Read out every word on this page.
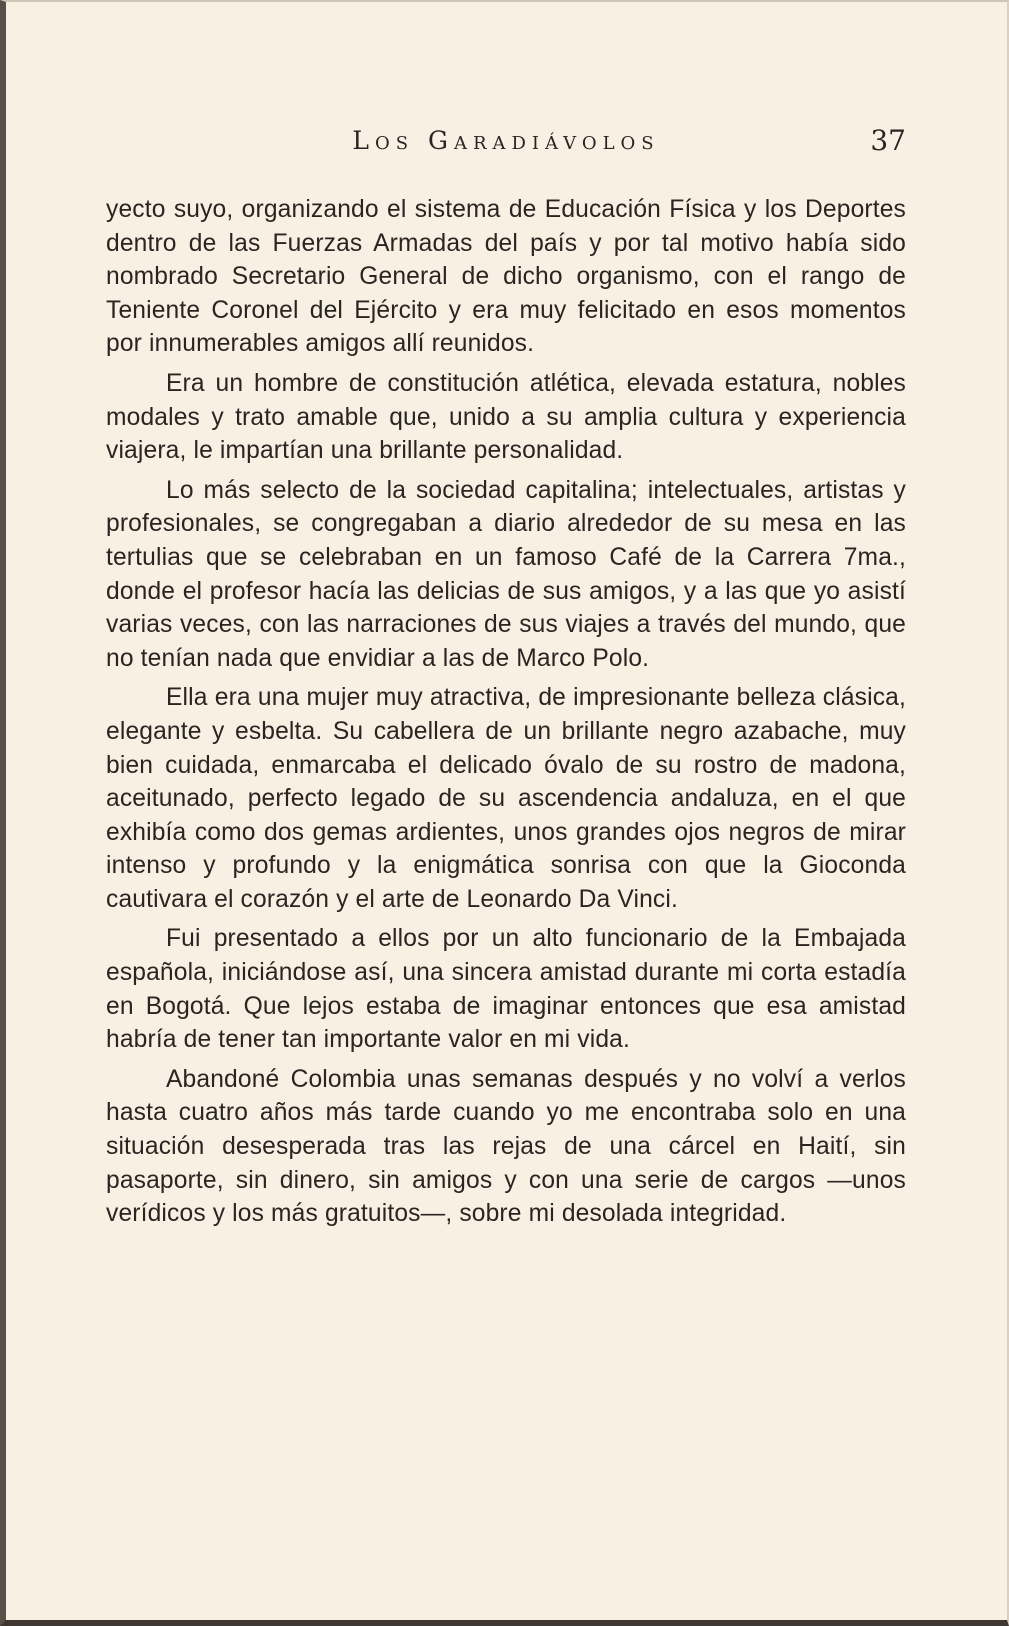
Los Garadiávolos	37

yecto suyo, organizando el sistema de Educación Física y los Deportes dentro de las Fuerzas Armadas del país y por tal motivo había sido nombrado Secretario General de dicho organismo, con el rango de Teniente Coronel del Ejército y era muy felicitado en esos momentos por innumerables amigos allí reunidos.

Era un hombre de constitución atlética, elevada estatura, nobles modales y trato amable que, unido a su amplia cultura y experiencia viajera, le impartían una brillante personalidad.

Lo más selecto de la sociedad capitalina; intelectuales, artistas y profesionales, se congregaban a diario alrededor de su mesa en las tertulias que se celebraban en un famoso Café de la Carrera 7ma., donde el profesor hacía las delicias de sus amigos, y a las que yo asistí varias veces, con las narraciones de sus viajes a través del mundo, que no tenían nada que envidiar a las de Marco Polo.

Ella era una mujer muy atractiva, de impresionante belleza clásica, elegante y esbelta. Su cabellera de un brillante negro azabache, muy bien cuidada, enmarcaba el delicado óvalo de su rostro de madona, aceitunado, perfecto legado de su ascendencia andaluza, en el que exhibía como dos gemas ardientes, unos grandes ojos negros de mirar intenso y profundo y la enigmática sonrisa con que la Gioconda cautivara el corazón y el arte de Leonardo Da Vinci.

Fui presentado a ellos por un alto funcionario de la Embajada española, iniciándose así, una sincera amistad durante mi corta estadía en Bogotá. Que lejos estaba de imaginar entonces que esa amistad habría de tener tan importante valor en mi vida.

Abandoné Colombia unas semanas después y no volví a verlos hasta cuatro años más tarde cuando yo me encontraba solo en una situación desesperada tras las rejas de una cárcel en Haití, sin pasaporte, sin dinero, sin amigos y con una serie de cargos —unos verídicos y los más gratuitos—, sobre mi desolada integridad.
